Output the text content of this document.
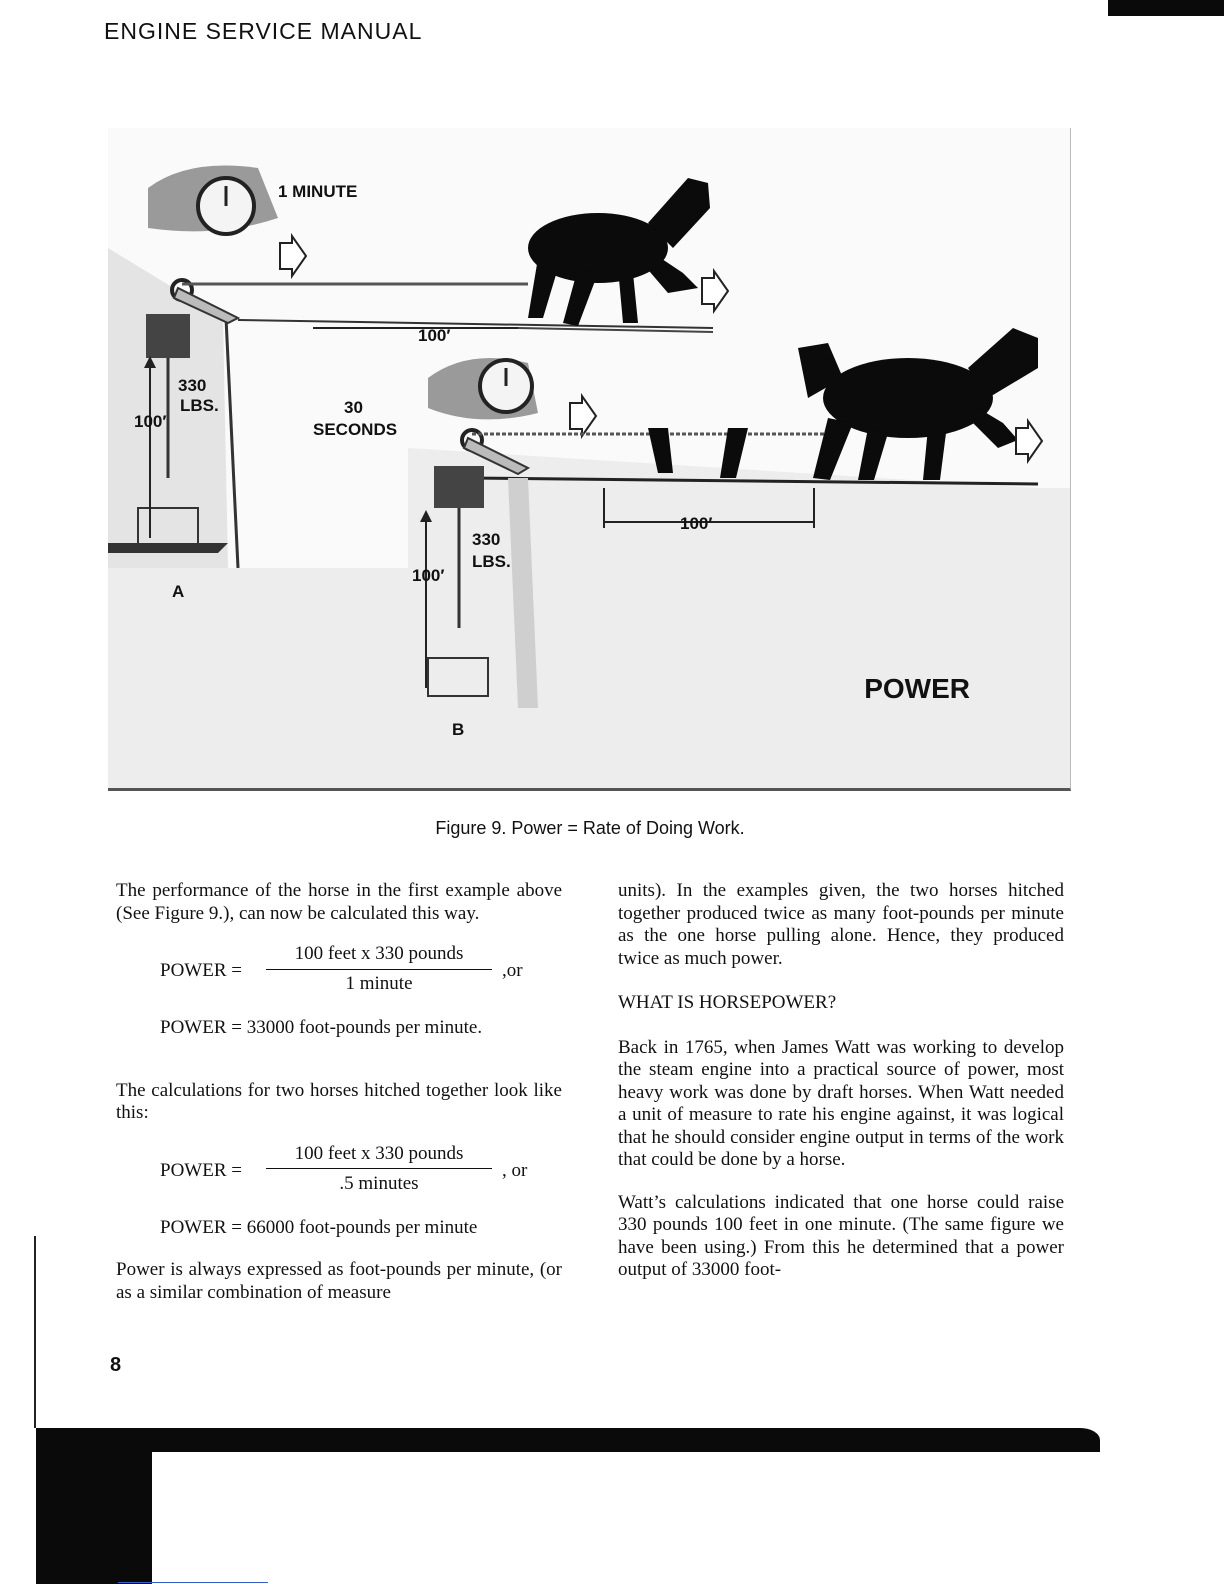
ENGINE SERVICE MANUAL
1 MINUTE
100′
330
LBS.
100′
30
SECONDS
100′
330
LBS.
100′
A
B
POWER
Figure 9. Power = Rate of Doing Work.

The performance of the horse in the first example above (See Figure 9.), can now be calculated this way.

POWER =
100 feet x 330 pounds
1 minute
,or
POWER = 33000 foot-pounds per minute.

The calculations for two horses hitched together look like this:

POWER =
100 feet x 330 pounds
.5 minutes
, or
POWER = 66000 foot-pounds per minute

Power is always expressed as foot-pounds per minute, (or as a similar combination of measure

units). In the examples given, the two horses hitched together produced twice as many foot-pounds per minute as the one horse pulling alone. Hence, they produced twice as much power.

WHAT IS HORSEPOWER?

Back in 1765, when James Watt was working to develop the steam engine into a practical source of power, most heavy work was done by draft horses. When Watt needed a unit of measure to rate his engine against, it was logical that he should consider engine output in terms of the work that could be done by a horse.

Watt’s calculations indicated that one horse could raise 330 pounds 100 feet in one minute. (The same figure we have been using.) From this he determined that a power output of 33000 foot-

8
